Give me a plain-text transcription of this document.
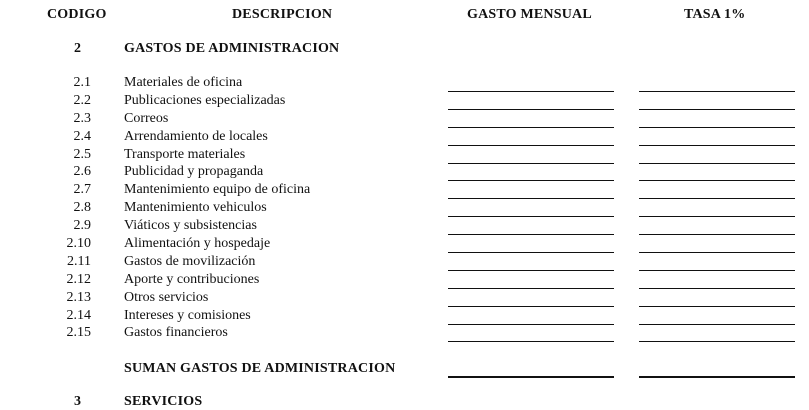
CODIGO	DESCRIPCION	GASTO MENSUAL	TASA 1%
2	GASTOS DE ADMINISTRACION
2.1 Materiales de oficina
2.2 Publicaciones especializadas
2.3 Correos
2.4 Arrendamiento de locales
2.5 Transporte materiales
2.6 Publicidad y propaganda
2.7 Mantenimiento equipo de oficina
2.8 Mantenimiento vehiculos
2.9 Viáticos y subsistencias
2.10 Alimentación y hospedaje
2.11 Gastos de movilización
2.12 Aporte y contribuciones
2.13 Otros servicios
2.14 Intereses y comisiones
2.15 Gastos financieros
SUMAN GASTOS DE ADMINISTRACION
3	SERVICIOS
